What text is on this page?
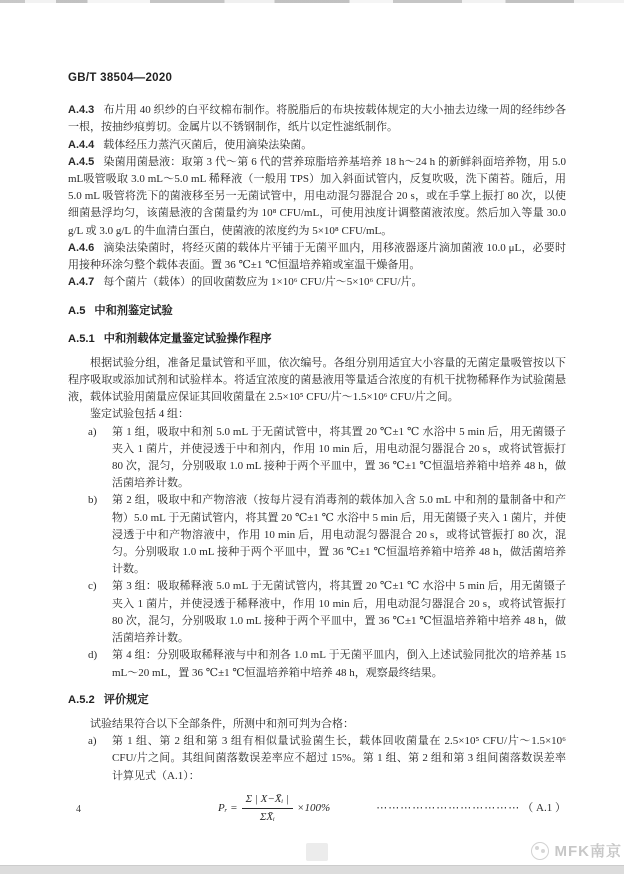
GB/T 38504—2020

A.4.3 布片用 40 织纱的白平纹棉布制作。将脱脂后的布块按载体规定的大小抽去边缘一周的经纬纱各一根，按抽纱痕剪切。金属片以不锈钢制作，纸片以定性滤纸制作。

A.4.4 载体经压力蒸汽灭菌后，使用滴染法染菌。

A.4.5 染菌用菌悬液：取第 3 代～第 6 代的营养琼脂培养基培养 18 h～24 h 的新鲜斜面培养物，用 5.0 mL吸管吸取 3.0 mL～5.0 mL 稀释液（一般用 TPS）加入斜面试管内，反复吹吸，洗下菌苔。随后，用 5.0 mL 吸管将洗下的菌液移至另一无菌试管中，用电动混匀器混合 20 s，或在手掌上振打 80 次，以使细菌悬浮均匀，该菌悬液的含菌量约为 10⁸ CFU/mL，可使用浊度计调整菌液浓度。然后加入等量 30.0 g/L 或 3.0 g/L 的牛血清白蛋白，使菌液的浓度约为 5×10⁸ CFU/mL。

A.4.6 滴染法染菌时，将经灭菌的载体片平铺于无菌平皿内，用移液器逐片滴加菌液 10.0 μL，必要时用接种环涂匀整个载体表面。置 36 ℃±1 ℃恒温培养箱或室温干燥备用。

A.4.7 每个菌片（载体）的回收菌数应为 1×10⁶ CFU/片～5×10⁶ CFU/片。

A.5 中和剂鉴定试验
A.5.1 中和剂载体定量鉴定试验操作程序

根据试验分组，准备足量试管和平皿，依次编号。各组分别用适宜大小容量的无菌定量吸管按以下程序吸取或添加试剂和试验样本。将适宜浓度的菌悬液用等量适合浓度的有机干扰物稀释作为试验菌悬液，载体试验用菌量应保证其回收菌量在 2.5×10⁵ CFU/片～1.5×10⁶ CFU/片之间。

鉴定试验包括 4 组：

a)	第 1 组，吸取中和剂 5.0 mL 于无菌试管中，将其置 20 ℃±1 ℃ 水浴中 5 min 后，用无菌镊子夹入 1 菌片，并使浸透于中和剂内，作用 10 min 后，用电动混匀器混合 20 s，或将试管振打 80 次，混匀，分别吸取 1.0 mL 接种于两个平皿中，置 36 ℃±1 ℃恒温培养箱中培养 48 h，做活菌培养计数。
b)	第 2 组，吸取中和产物溶液（按每片浸有消毒剂的载体加入含 5.0 mL 中和剂的量制备中和产物）5.0 mL 于无菌试管内，将其置 20 ℃±1 ℃ 水浴中 5 min 后，用无菌镊子夹入 1 菌片，并使浸透于中和产物溶液中，作用 10 min 后，用电动混匀器混合 20 s，或将试管振打 80 次，混匀。分别吸取 1.0 mL 接种于两个平皿中，置 36 ℃±1 ℃恒温培养箱中培养 48 h，做活菌培养计数。
c)	第 3 组：吸取稀释液 5.0 mL 于无菌试管内，将其置 20 ℃±1 ℃ 水浴中 5 min 后，用无菌镊子夹入 1 菌片，并使浸透于稀释液中，作用 10 min 后，用电动混匀器混合 20 s，或将试管振打 80 次，混匀，分别吸取 1.0 mL 接种于两个平皿中，置 36 ℃±1 ℃恒温培养箱中培养 48 h，做活菌培养计数。
d)	第 4 组：分别吸取稀释液与中和剂各 1.0 mL 于无菌平皿内，倒入上述试验同批次的培养基 15 mL～20 mL，置 36 ℃±1 ℃恒温培养箱中培养 48 h，观察最终结果。
A.5.2 评价规定

试验结果符合以下全部条件，所测中和剂可判为合格：

a)	第 1 组、第 2 组和第 3 组有相似量试验菌生长，载体回收菌量在 2.5×10⁵ CFU/片～1.5×10⁶ CFU/片之间。其组间菌落数误差率应不超过 15%。第 1 组、第 2 组和第 3 组间菌落数误差率计算见式（A.1）：
Pᵣ = $\frac{\text{Σ | X−X̄ᵢ |}}{\text{ΣX̄ᵢ}} \times 100\%$	⋯⋯⋯⋯⋯⋯⋯⋯⋯⋯⋯⋯ （ A.1 ）
4
MFK南京
